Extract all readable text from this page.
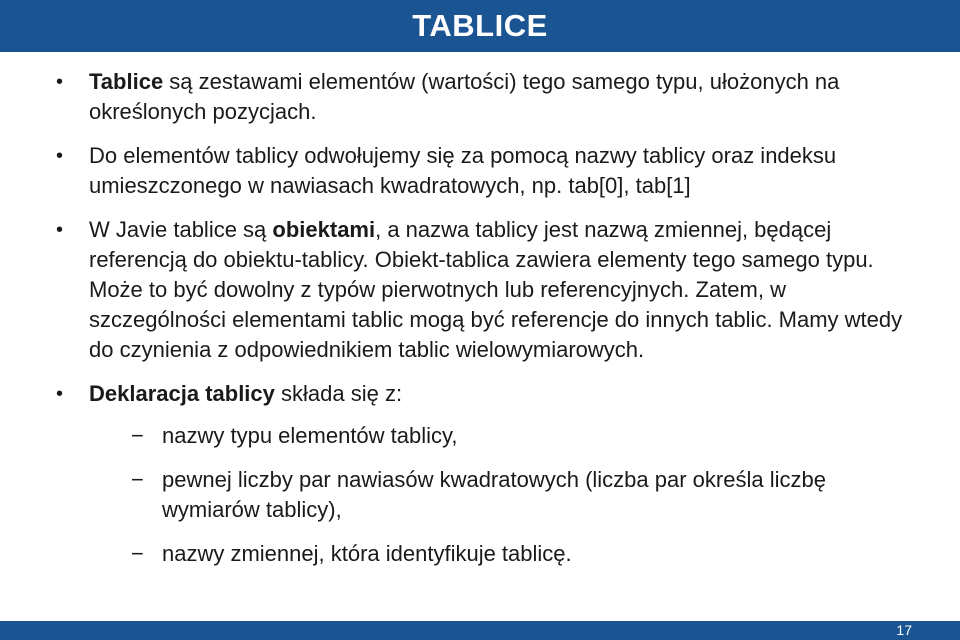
TABLICE
• Tablice są zestawami elementów (wartości) tego samego typu, ułożonych na określonych pozycjach.
• Do elementów tablicy odwołujemy się za pomocą nazwy tablicy oraz indeksu umieszczonego w nawiasach kwadratowych, np. tab[0], tab[1]
• W Javie tablice są obiektami, a nazwa tablicy jest nazwą zmiennej, będącej referencją do obiektu-tablicy. Obiekt-tablica zawiera elementy tego samego typu. Może to być dowolny z typów pierwotnych lub referencyjnych. Zatem, w szczególności elementami tablic mogą być referencje do innych tablic. Mamy wtedy do czynienia z odpowiednikiem tablic wielowymiarowych.
• Deklaracja tablicy składa się z:
− nazwy typu elementów tablicy,
− pewnej liczby par nawiasów kwadratowych (liczba par określa liczbę wymiarów tablicy),
− nazwy zmiennej, która identyfikuje tablicę.
17
